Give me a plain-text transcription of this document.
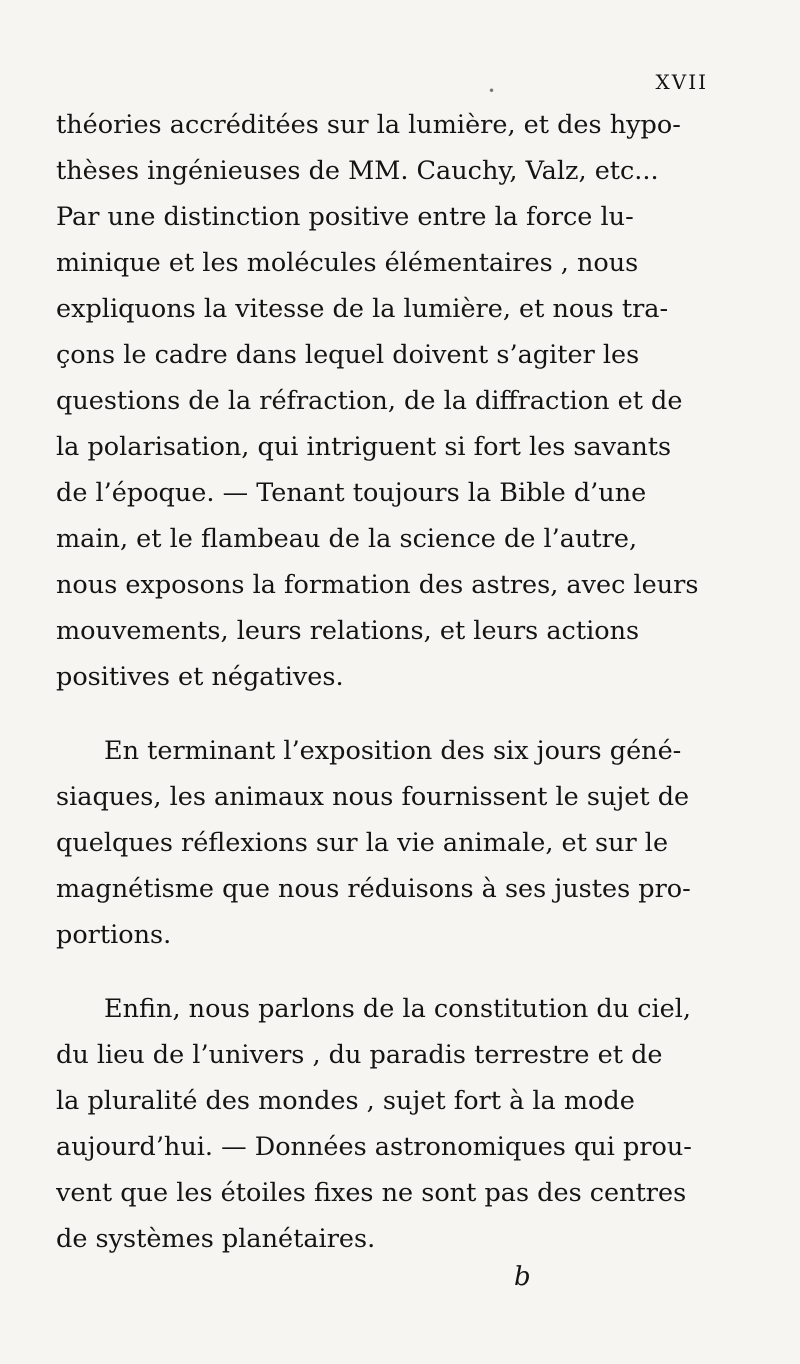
•	XVII

théories accréditées sur la lumière, et des hypo-
thèses ingénieuses de MM. Cauchy, Valz, etc...
Par une distinction positive entre la force lu-
minique et les molécules élémentaires , nous
expliquons la vitesse de la lumière, et nous tra-
çons le cadre dans lequel doivent s’agiter les
questions de la réfraction, de la diffraction et de
la polarisation, qui intriguent si fort les savants
de l’époque. — Tenant toujours la Bible d’une
main, et le flambeau de la science de l’autre,
nous exposons la formation des astres, avec leurs
mouvements, leurs relations, et leurs actions
positives et négatives.

En terminant l’exposition des six jours géné-
siaques, les animaux nous fournissent le sujet de
quelques réflexions sur la vie animale, et sur le
magnétisme que nous réduisons à ses justes pro-
portions.

Enfin, nous parlons de la constitution du ciel,
du lieu de l’univers , du paradis terrestre et de
la pluralité des mondes , sujet fort à la mode
aujourd’hui. — Données astronomiques qui prou-
vent que les étoiles fixes ne sont pas des centres
de systèmes planétaires.

b
